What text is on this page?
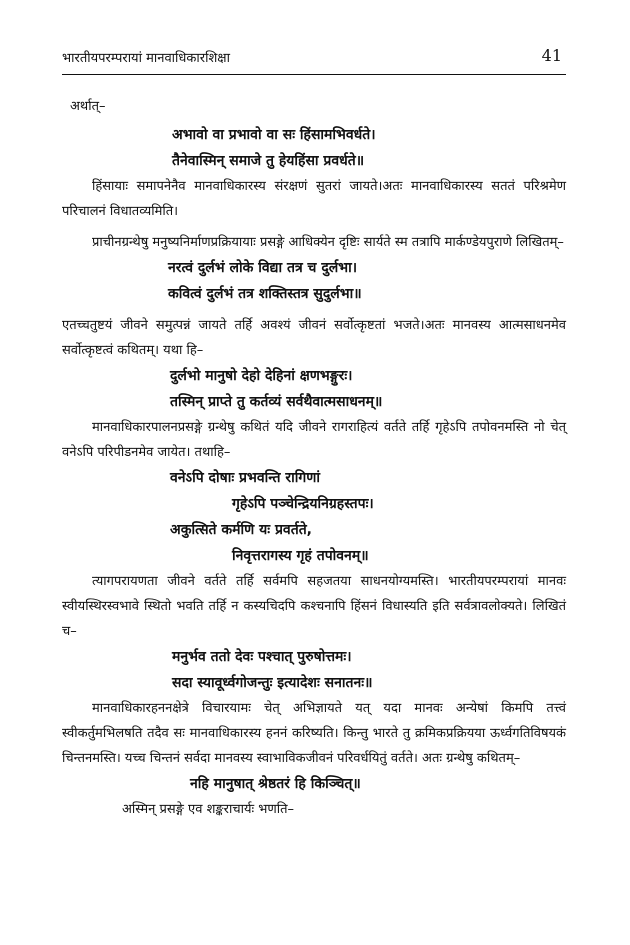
भारतीयपरम्परायां मानवाधिकारशिक्षा	41

अर्थात्–

अभावो वा प्रभावो वा सः हिंसामभिवर्धते।

तैनेवास्मिन् समाजे तु हेयहिंसा प्रवर्धते॥

हिंसायाः समापनेनैव मानवाधिकारस्य संरक्षणं सुतरां जायते।अतः मानवाधिकारस्य सततं परिश्रमेण परिचालनं विधातव्यमिति।

प्राचीनग्रन्थेषु मनुष्यनिर्माणप्रक्रियायाः प्रसङ्गे आधिक्येन दृष्टिः सार्यते स्म तत्रापि मार्कण्डेयपुराणे लिखितम्–

नरत्वं दुर्लभं लोके विद्या तत्र च दुर्लभा।

कवित्वं दुर्लभं तत्र शक्तिस्तत्र सुदुर्लभा॥

एतच्चतुष्टयं जीवने समुत्पन्नं जायते तर्हि अवश्यं जीवनं सर्वोत्कृष्टतां भजते।अतः मानवस्य आत्मसाधनमेव सर्वोत्कृष्टत्वं कथितम्। यथा हि–

दुर्लभो मानुषो देहो देहिनां क्षणभङ्गुरः।

तस्मिन् प्राप्ते तु कर्तव्यं सर्वथैवात्मसाधनम्॥

मानवाधिकारपालनप्रसङ्गे ग्रन्थेषु कथितं यदि जीवने रागराहित्यं वर्तते तर्हि गृहेऽपि तपोवनमस्ति नो चेत् वनेऽपि परिपीडनमेव जायेत। तथाहि–

वनेऽपि दोषाः प्रभवन्ति रागिणां

गृहेऽपि पञ्चेन्द्रियनिग्रहस्तपः।

अकुत्सिते कर्मणि यः प्रवर्तते,

निवृत्तरागस्य गृहं तपोवनम्॥

त्यागपरायणता जीवने वर्तते तर्हि सर्वमपि सहजतया साधनयोग्यमस्ति। भारतीयपरम्परायां मानवः स्वीयस्थिरस्वभावे स्थितो भवति तर्हि न कस्यचिदपि कश्चनापि हिंसनं विधास्यति इति सर्वत्रावलोक्यते। लिखितं च–

मनुर्भव ततो देवः पश्चात् पुरुषोत्तमः।

सदा स्यावूर्ध्वगोजन्तुः इत्यादेशः सनातनः॥

मानवाधिकारहननक्षेत्रे विचारयामः चेत् अभिज्ञायते यत् यदा मानवः अन्येषां किमपि तत्त्वं स्वीकर्तुमभिलषति तदैव सः मानवाधिकारस्य हननं करिष्यति। किन्तु भारते तु क्रमिकप्रक्रियया ऊर्ध्वगतिविषयकं चिन्तनमस्ति। यच्च चिन्तनं सर्वदा मानवस्य स्वाभाविकजीवनं परिवर्धयितुं वर्तते। अतः ग्रन्थेषु कथितम्–

नहि मानुषात् श्रेष्ठतरं हि किञ्चित्॥

अस्मिन् प्रसङ्गे एव शङ्कराचार्यः भणति–
